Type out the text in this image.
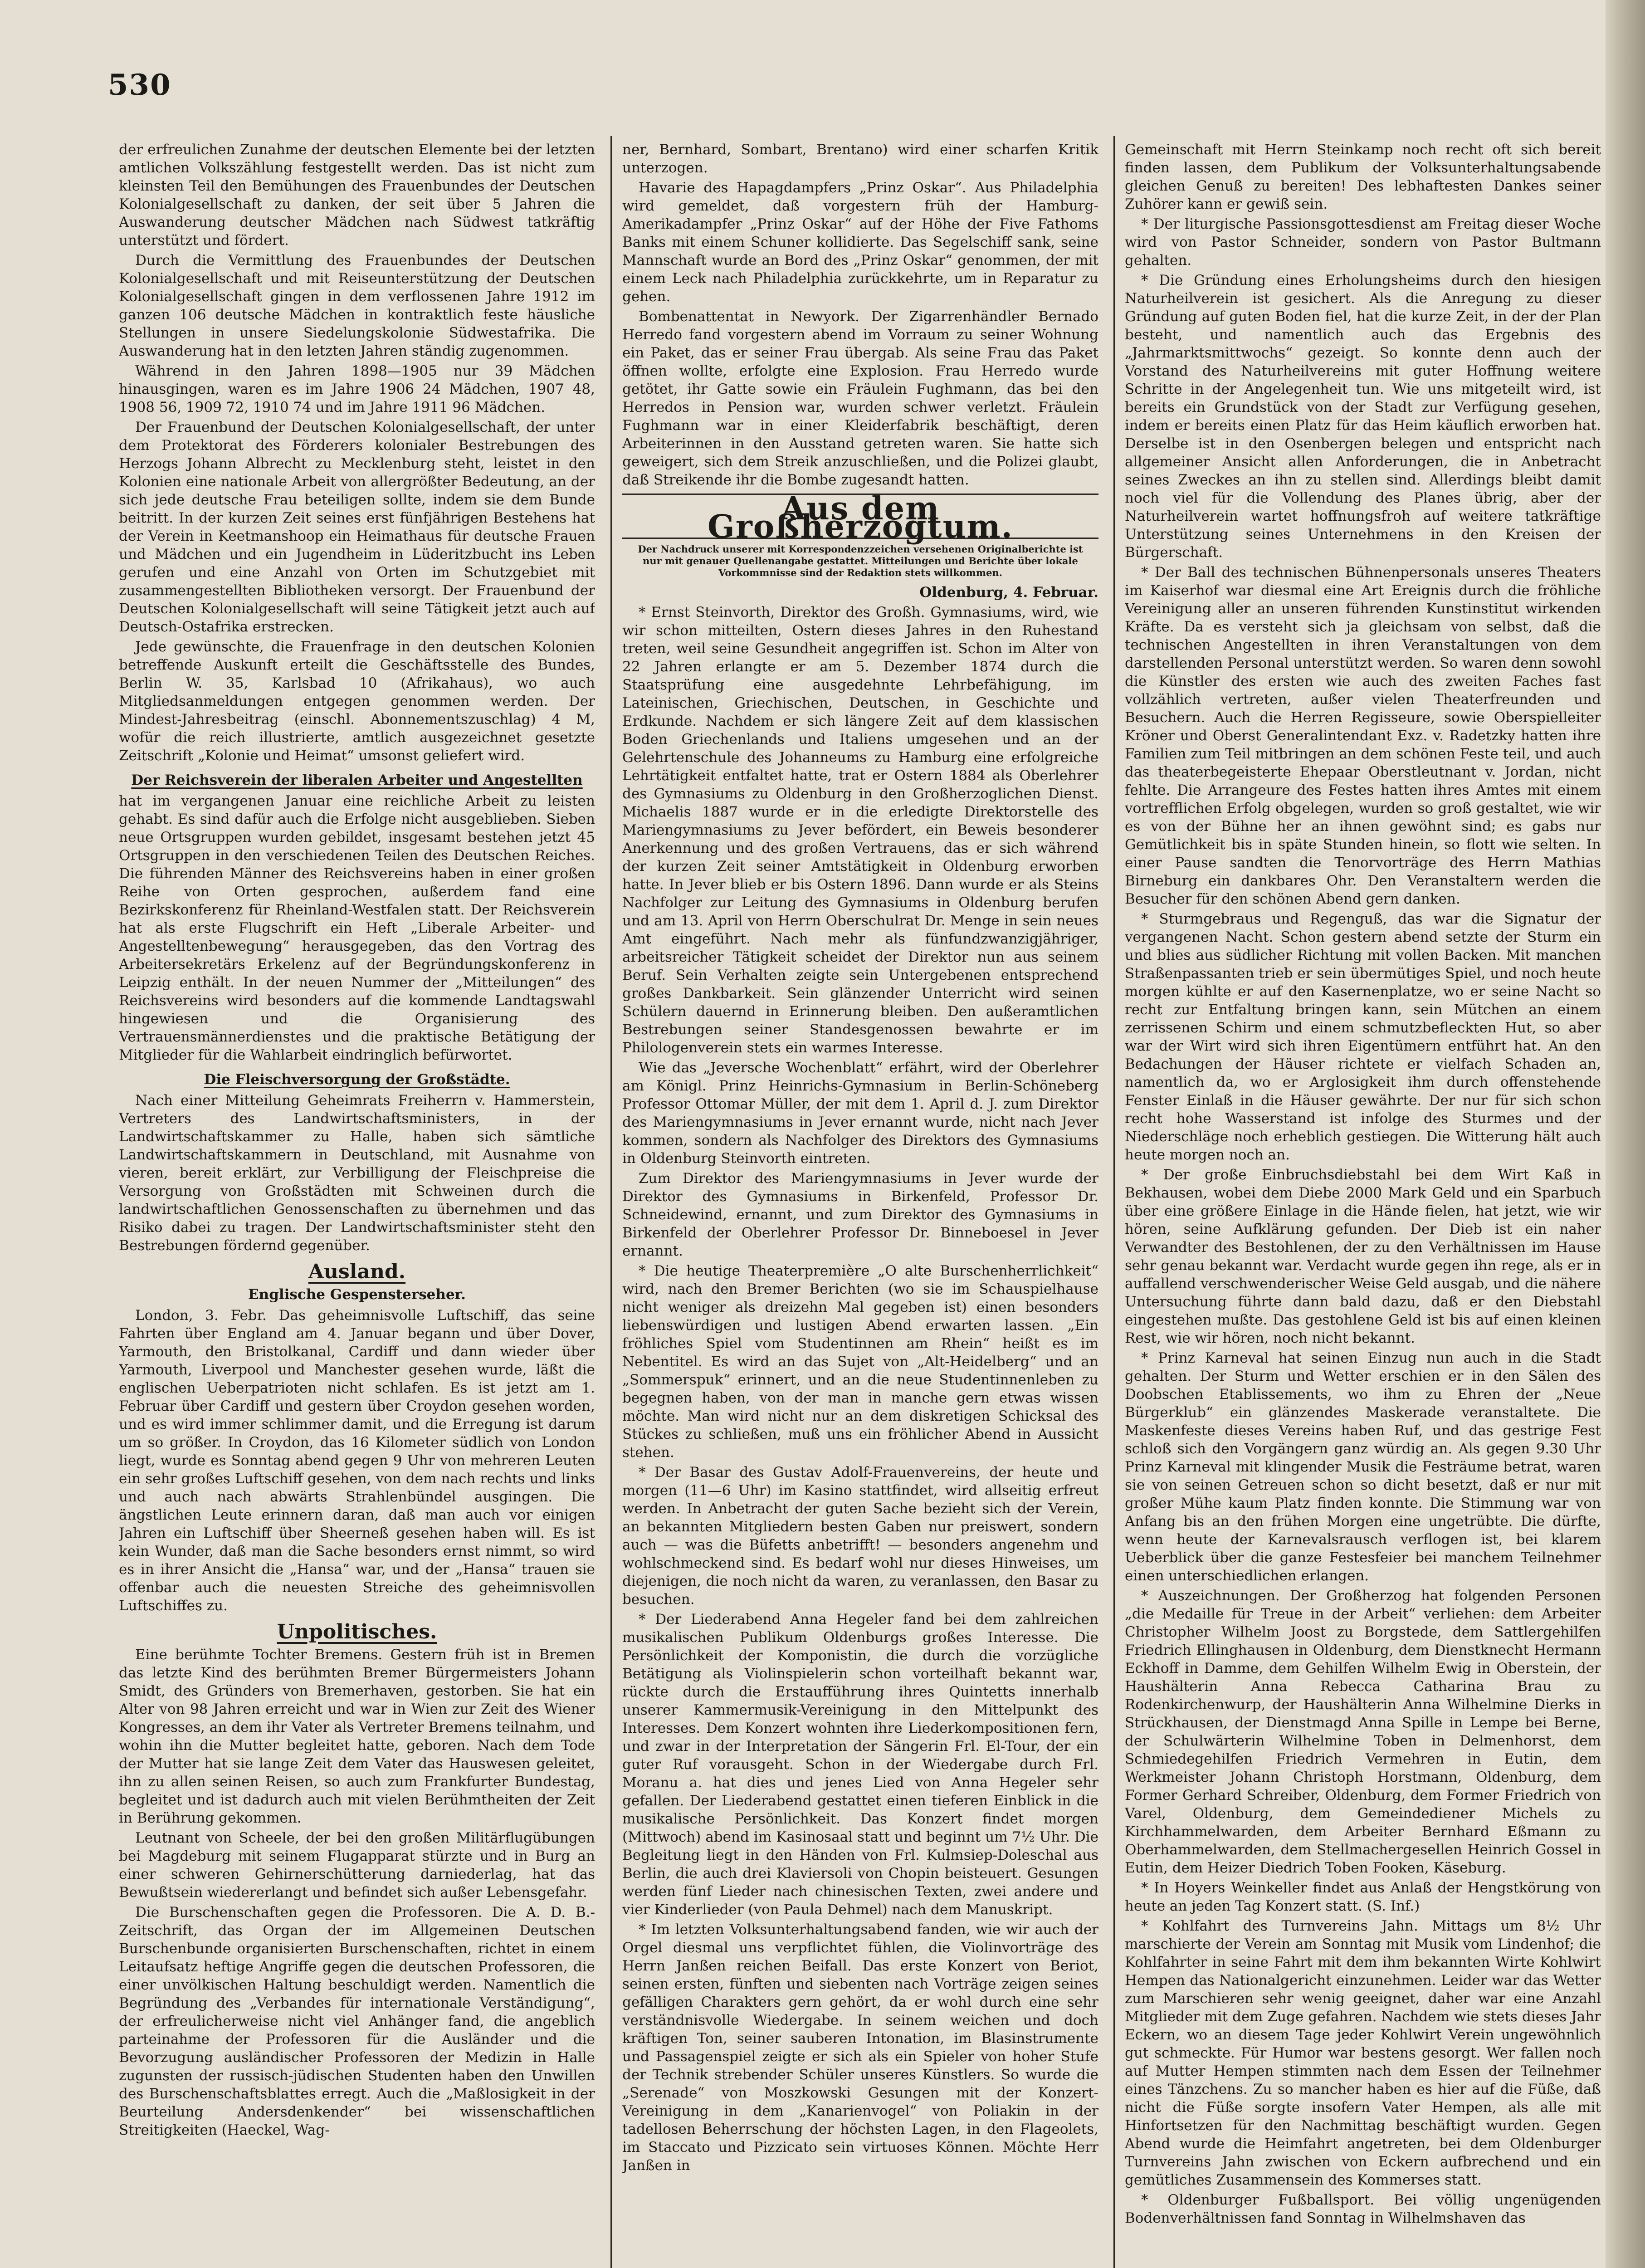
530

der erfreulichen Zunahme der deutschen Elemente bei der letzten amtlichen Volkszählung festgestellt werden. Das ist nicht zum kleinsten Teil den Bemühungen des Frauenbundes der Deutschen Kolonialgesellschaft zu danken, der seit über 5 Jahren die Auswanderung deutscher Mädchen nach Südwest tatkräftig unterstützt und fördert.

Durch die Vermittlung des Frauenbundes der Deutschen Kolonialgesellschaft und mit Reiseunterstützung der Deutschen Kolonialgesellschaft gingen in dem verflossenen Jahre 1912 im ganzen 106 deutsche Mädchen in kontraktlich feste häusliche Stellungen in unsere Siedelungskolonie Südwestafrika. Die Auswanderung hat in den letzten Jahren ständig zugenommen.

Während in den Jahren 1898—1905 nur 39 Mädchen hinausgingen, waren es im Jahre 1906 24 Mädchen, 1907 48, 1908 56, 1909 72, 1910 74 und im Jahre 1911 96 Mädchen.

Der Frauenbund der Deutschen Kolonialgesellschaft, der unter dem Protektorat des Förderers kolonialer Bestrebungen des Herzogs Johann Albrecht zu Mecklenburg steht, leistet in den Kolonien eine nationale Arbeit von allergrößter Bedeutung, an der sich jede deutsche Frau beteiligen sollte, indem sie dem Bunde beitritt. In der kurzen Zeit seines erst fünfjährigen Bestehens hat der Verein in Keetmanshoop ein Heimathaus für deutsche Frauen und Mädchen und ein Jugendheim in Lüderitzbucht ins Leben gerufen und eine Anzahl von Orten im Schutzgebiet mit zusammengestellten Bibliotheken versorgt. Der Frauenbund der Deutschen Kolonialgesellschaft will seine Tätigkeit jetzt auch auf Deutsch-Ostafrika erstrecken.

Jede gewünschte, die Frauenfrage in den deutschen Kolonien betreffende Auskunft erteilt die Geschäftsstelle des Bundes, Berlin W. 35, Karlsbad 10 (Afrikahaus), wo auch Mitgliedsanmeldungen entgegen genommen werden. Der Mindest-Jahresbeitrag (einschl. Abonnementszuschlag) 4 M, wofür die reich illustrierte, amtlich ausgezeichnet gesetzte Zeitschrift „Kolonie und Heimat“ umsonst geliefert wird.

Der Reichsverein der liberalen Arbeiter und Angestellten

hat im vergangenen Januar eine reichliche Arbeit zu leisten gehabt. Es sind dafür auch die Erfolge nicht ausgeblieben. Sieben neue Ortsgruppen wurden gebildet, insgesamt bestehen jetzt 45 Ortsgruppen in den verschiedenen Teilen des Deutschen Reiches. Die führenden Männer des Reichsvereins haben in einer großen Reihe von Orten gesprochen, außerdem fand eine Bezirkskonferenz für Rheinland-Westfalen statt. Der Reichsverein hat als erste Flugschrift ein Heft „Liberale Arbeiter- und Angestelltenbewegung“ herausgegeben, das den Vortrag des Arbeitersekretärs Erkelenz auf der Begründungskonferenz in Leipzig enthält. In der neuen Nummer der „Mitteilungen“ des Reichsvereins wird besonders auf die kommende Landtagswahl hingewiesen und die Organisierung des Vertrauensmännerdienstes und die praktische Betätigung der Mitglieder für die Wahlarbeit eindringlich befürwortet.

Die Fleischversorgung der Großstädte.

Nach einer Mitteilung Geheimrats Freiherrn v. Hammerstein, Vertreters des Landwirtschaftsministers, in der Landwirtschaftskammer zu Halle, haben sich sämtliche Landwirtschaftskammern in Deutschland, mit Ausnahme von vieren, bereit erklärt, zur Verbilligung der Fleischpreise die Versorgung von Großstädten mit Schweinen durch die landwirtschaftlichen Genossenschaften zu übernehmen und das Risiko dabei zu tragen. Der Landwirtschaftsminister steht den Bestrebungen fördernd gegenüber.

Ausland.
Englische Gespensterseher.

London, 3. Febr. Das geheimnisvolle Luftschiff, das seine Fahrten über England am 4. Januar begann und über Dover, Yarmouth, den Bristolkanal, Cardiff und dann wieder über Yarmouth, Liverpool und Manchester gesehen wurde, läßt die englischen Ueberpatrioten nicht schlafen. Es ist jetzt am 1. Februar über Cardiff und gestern über Croydon gesehen worden, und es wird immer schlimmer damit, und die Erregung ist darum um so größer. In Croydon, das 16 Kilometer südlich von London liegt, wurde es Sonntag abend gegen 9 Uhr von mehreren Leuten ein sehr großes Luftschiff gesehen, von dem nach rechts und links und auch nach abwärts Strahlenbündel ausgingen. Die ängstlichen Leute erinnern daran, daß man auch vor einigen Jahren ein Luftschiff über Sheerneß gesehen haben will. Es ist kein Wunder, daß man die Sache besonders ernst nimmt, so wird es in ihrer Ansicht die „Hansa“ war, und der „Hansa“ trauen sie offenbar auch die neuesten Streiche des geheimnisvollen Luftschiffes zu.

Unpolitisches.

Eine berühmte Tochter Bremens. Gestern früh ist in Bremen das letzte Kind des berühmten Bremer Bürgermeisters Johann Smidt, des Gründers von Bremerhaven, gestorben. Sie hat ein Alter von 98 Jahren erreicht und war in Wien zur Zeit des Wiener Kongresses, an dem ihr Vater als Vertreter Bremens teilnahm, und wohin ihn die Mutter begleitet hatte, geboren. Nach dem Tode der Mutter hat sie lange Zeit dem Vater das Hauswesen geleitet, ihn zu allen seinen Reisen, so auch zum Frankfurter Bundestag, begleitet und ist dadurch auch mit vielen Berühmtheiten der Zeit in Berührung gekommen.

Leutnant von Scheele, der bei den großen Militärflugübungen bei Magdeburg mit seinem Flugapparat stürzte und in Burg an einer schweren Gehirnerschütterung darniederlag, hat das Bewußtsein wiedererlangt und befindet sich außer Lebensgefahr.

Die Burschenschaften gegen die Professoren. Die A. D. B.-Zeitschrift, das Organ der im Allgemeinen Deutschen Burschenbunde organisierten Burschenschaften, richtet in einem Leitaufsatz heftige Angriffe gegen die deutschen Professoren, die einer unvölkischen Haltung beschuldigt werden. Namentlich die Begründung des „Verbandes für internationale Verständigung“, der erfreulicherweise nicht viel Anhänger fand, die angeblich parteinahme der Professoren für die Ausländer und die Bevorzugung ausländischer Professoren der Medizin in Halle zugunsten der russisch-jüdischen Studenten haben den Unwillen des Burschenschaftsblattes erregt. Auch die „Maßlosigkeit in der Beurteilung Andersdenkender“ bei wissenschaftlichen Streitigkeiten (Haeckel, Wag-

ner, Bernhard, Sombart, Brentano) wird einer scharfen Kritik unterzogen.

Havarie des Hapagdampfers „Prinz Oskar“. Aus Philadelphia wird gemeldet, daß vorgestern früh der Hamburg-Amerikadampfer „Prinz Oskar“ auf der Höhe der Five Fathoms Banks mit einem Schuner kollidierte. Das Segelschiff sank, seine Mannschaft wurde an Bord des „Prinz Oskar“ genommen, der mit einem Leck nach Philadelphia zurückkehrte, um in Reparatur zu gehen.

Bombenattentat in Newyork. Der Zigarrenhändler Bernado Herredo fand vorgestern abend im Vorraum zu seiner Wohnung ein Paket, das er seiner Frau übergab. Als seine Frau das Paket öffnen wollte, erfolgte eine Explosion. Frau Herredo wurde getötet, ihr Gatte sowie ein Fräulein Fughmann, das bei den Herredos in Pension war, wurden schwer verletzt. Fräulein Fughmann war in einer Kleiderfabrik beschäftigt, deren Arbeiterinnen in den Ausstand getreten waren. Sie hatte sich geweigert, sich dem Streik anzuschließen, und die Polizei glaubt, daß Streikende ihr die Bombe zugesandt hatten.

Aus dem Großherzogtum.
Der Nachdruck unserer mit Korrespondenzzeichen versehenen Originalberichte ist nur mit genauer Quellenangabe gestattet. Mitteilungen und Berichte über lokale Vorkommnisse sind der Redaktion stets willkommen.
Oldenburg, 4. Februar.

* Ernst Steinvorth, Direktor des Großh. Gymnasiums, wird, wie wir schon mitteilten, Ostern dieses Jahres in den Ruhestand treten, weil seine Gesundheit angegriffen ist. Schon im Alter von 22 Jahren erlangte er am 5. Dezember 1874 durch die Staatsprüfung eine ausgedehnte Lehrbefähigung, im Lateinischen, Griechischen, Deutschen, in Geschichte und Erdkunde. Nachdem er sich längere Zeit auf dem klassischen Boden Griechenlands und Italiens umgesehen und an der Gelehrtenschule des Johanneums zu Hamburg eine erfolgreiche Lehrtätigkeit entfaltet hatte, trat er Ostern 1884 als Oberlehrer des Gymnasiums zu Oldenburg in den Großherzoglichen Dienst. Michaelis 1887 wurde er in die erledigte Direktorstelle des Mariengymnasiums zu Jever befördert, ein Beweis besonderer Anerkennung und des großen Vertrauens, das er sich während der kurzen Zeit seiner Amtstätigkeit in Oldenburg erworben hatte. In Jever blieb er bis Ostern 1896. Dann wurde er als Steins Nachfolger zur Leitung des Gymnasiums in Oldenburg berufen und am 13. April von Herrn Oberschulrat Dr. Menge in sein neues Amt eingeführt. Nach mehr als fünfundzwanzigjähriger, arbeitsreicher Tätigkeit scheidet der Direktor nun aus seinem Beruf. Sein Verhalten zeigte sein Untergebenen entsprechend großes Dankbarkeit. Sein glänzender Unterricht wird seinen Schülern dauernd in Erinnerung bleiben. Den außeramtlichen Bestrebungen seiner Standesgenossen bewahrte er im Philologenverein stets ein warmes Interesse.

Wie das „Jeversche Wochenblatt“ erfährt, wird der Oberlehrer am Königl. Prinz Heinrichs-Gymnasium in Berlin-Schöneberg Professor Ottomar Müller, der mit dem 1. April d. J. zum Direktor des Mariengymnasiums in Jever ernannt wurde, nicht nach Jever kommen, sondern als Nachfolger des Direktors des Gymnasiums in Oldenburg Steinvorth eintreten.

Zum Direktor des Mariengymnasiums in Jever wurde der Direktor des Gymnasiums in Birkenfeld, Professor Dr. Schneidewind, ernannt, und zum Direktor des Gymnasiums in Birkenfeld der Oberlehrer Professor Dr. Binneboesel in Jever ernannt.

* Die heutige Theaterpremière „O alte Burschenherrlichkeit“ wird, nach den Bremer Berichten (wo sie im Schauspielhause nicht weniger als dreizehn Mal gegeben ist) einen besonders liebenswürdigen und lustigen Abend erwarten lassen. „Ein fröhliches Spiel vom Studentinnen am Rhein“ heißt es im Nebentitel. Es wird an das Sujet von „Alt-Heidelberg“ und an „Sommerspuk“ erinnert, und an die neue Studentinnenleben zu begegnen haben, von der man in manche gern etwas wissen möchte. Man wird nicht nur an dem diskretigen Schicksal des Stückes zu schließen, muß uns ein fröhlicher Abend in Aussicht stehen.

* Der Basar des Gustav Adolf-Frauenvereins, der heute und morgen (11—6 Uhr) im Kasino stattfindet, wird allseitig erfreut werden. In Anbetracht der guten Sache bezieht sich der Verein, an bekannten Mitgliedern besten Gaben nur preiswert, sondern auch — was die Büfetts anbetrifft! — besonders angenehm und wohlschmeckend sind. Es bedarf wohl nur dieses Hinweises, um diejenigen, die noch nicht da waren, zu veranlassen, den Basar zu besuchen.

* Der Liederabend Anna Hegeler fand bei dem zahlreichen musikalischen Publikum Oldenburgs großes Interesse. Die Persönlichkeit der Komponistin, die durch die vorzügliche Betätigung als Violinspielerin schon vorteilhaft bekannt war, rückte durch die Erstaufführung ihres Quintetts innerhalb unserer Kammermusik-Vereinigung in den Mittelpunkt des Interesses. Dem Konzert wohnten ihre Liederkompositionen fern, und zwar in der Interpretation der Sängerin Frl. El-Tour, der ein guter Ruf vorausgeht. Schon in der Wiedergabe durch Frl. Moranu a. hat dies und jenes Lied von Anna Hegeler sehr gefallen. Der Liederabend gestattet einen tieferen Einblick in die musikalische Persönlichkeit. Das Konzert findet morgen (Mittwoch) abend im Kasinosaal statt und beginnt um 7½ Uhr. Die Begleitung liegt in den Händen von Frl. Kulmsiep-Doleschal aus Berlin, die auch drei Klaviersoli von Chopin beisteuert. Gesungen werden fünf Lieder nach chinesischen Texten, zwei andere und vier Kinderlieder (von Paula Dehmel) nach dem Manuskript.

* Im letzten Volksunterhaltungsabend fanden, wie wir auch der Orgel diesmal uns verpflichtet fühlen, die Violinvorträge des Herrn Janßen reichen Beifall. Das erste Konzert von Beriot, seinen ersten, fünften und siebenten nach Vorträge zeigen seines gefälligen Charakters gern gehört, da er wohl durch eine sehr verständnisvolle Wiedergabe. In seinem weichen und doch kräftigen Ton, seiner sauberen Intonation, im Blasinstrumente und Passagenspiel zeigte er sich als ein Spieler von hoher Stufe der Technik strebender Schüler unseres Künstlers. So wurde die „Serenade“ von Moszkowski Gesungen mit der Konzert-Vereinigung in dem „Kanarienvogel“ von Poliakin in der tadellosen Beherrschung der höchsten Lagen, in den Flageolets, im Staccato und Pizzicato sein virtuoses Können. Möchte Herr Janßen in

Gemeinschaft mit Herrn Steinkamp noch recht oft sich bereit finden lassen, dem Publikum der Volksunterhaltungsabende gleichen Genuß zu bereiten! Des lebhaftesten Dankes seiner Zuhörer kann er gewiß sein.

* Der liturgische Passionsgottesdienst am Freitag dieser Woche wird von Pastor Schneider, sondern von Pastor Bultmann gehalten.

* Die Gründung eines Erholungsheims durch den hiesigen Naturheilverein ist gesichert. Als die Anregung zu dieser Gründung auf guten Boden fiel, hat die kurze Zeit, in der der Plan besteht, und namentlich auch das Ergebnis des „Jahrmarktsmittwochs“ gezeigt. So konnte denn auch der Vorstand des Naturheilvereins mit guter Hoffnung weitere Schritte in der Angelegenheit tun. Wie uns mitgeteilt wird, ist bereits ein Grundstück von der Stadt zur Verfügung gesehen, indem er bereits einen Platz für das Heim käuflich erworben hat. Derselbe ist in den Osenbergen belegen und entspricht nach allgemeiner Ansicht allen Anforderungen, die in Anbetracht seines Zweckes an ihn zu stellen sind. Allerdings bleibt damit noch viel für die Vollendung des Planes übrig, aber der Naturheilverein wartet hoffnungsfroh auf weitere tatkräftige Unterstützung seines Unternehmens in den Kreisen der Bürgerschaft.

* Der Ball des technischen Bühnenpersonals unseres Theaters im Kaiserhof war diesmal eine Art Ereignis durch die fröhliche Vereinigung aller an unseren führenden Kunstinstitut wirkenden Kräfte. Da es versteht sich ja gleichsam von selbst, daß die technischen Angestellten in ihren Veranstaltungen von dem darstellenden Personal unterstützt werden. So waren denn sowohl die Künstler des ersten wie auch des zweiten Faches fast vollzählich vertreten, außer vielen Theaterfreunden und Besuchern. Auch die Herren Regisseure, sowie Oberspielleiter Kröner und Oberst Generalintendant Exz. v. Radetzky hatten ihre Familien zum Teil mitbringen an dem schönen Feste teil, und auch das theaterbegeisterte Ehepaar Oberstleutnant v. Jordan, nicht fehlte. Die Arrangeure des Festes hatten ihres Amtes mit einem vortrefflichen Erfolg obgelegen, wurden so groß gestaltet, wie wir es von der Bühne her an ihnen gewöhnt sind; es gabs nur Gemütlichkeit bis in späte Stunden hinein, so flott wie selten. In einer Pause sandten die Tenorvorträge des Herrn Mathias Birneburg ein dankbares Ohr. Den Veranstaltern werden die Besucher für den schönen Abend gern danken.

* Sturmgebraus und Regenguß, das war die Signatur der vergangenen Nacht. Schon gestern abend setzte der Sturm ein und blies aus südlicher Richtung mit vollen Backen. Mit manchen Straßenpassanten trieb er sein übermütiges Spiel, und noch heute morgen kühlte er auf den Kasernenplatze, wo er seine Nacht so recht zur Entfaltung bringen kann, sein Mütchen an einem zerrissenen Schirm und einem schmutzbefleckten Hut, so aber war der Wirt wird sich ihren Eigentümern entführt hat. An den Bedachungen der Häuser richtete er vielfach Schaden an, namentlich da, wo er Arglosigkeit ihm durch offenstehende Fenster Einlaß in die Häuser gewährte. Der nur für sich schon recht hohe Wasserstand ist infolge des Sturmes und der Niederschläge noch erheblich gestiegen. Die Witterung hält auch heute morgen noch an.

* Der große Einbruchsdiebstahl bei dem Wirt Kaß in Bekhausen, wobei dem Diebe 2000 Mark Geld und ein Sparbuch über eine größere Einlage in die Hände fielen, hat jetzt, wie wir hören, seine Aufklärung gefunden. Der Dieb ist ein naher Verwandter des Bestohlenen, der zu den Verhältnissen im Hause sehr genau bekannt war. Verdacht wurde gegen ihn rege, als er in auffallend verschwenderischer Weise Geld ausgab, und die nähere Untersuchung führte dann bald dazu, daß er den Diebstahl eingestehen mußte. Das gestohlene Geld ist bis auf einen kleinen Rest, wie wir hören, noch nicht bekannt.

* Prinz Karneval hat seinen Einzug nun auch in die Stadt gehalten. Der Sturm und Wetter erschien er in den Sälen des Doobschen Etablissements, wo ihm zu Ehren der „Neue Bürgerklub“ ein glänzendes Maskerade veranstaltete. Die Maskenfeste dieses Vereins haben Ruf, und das gestrige Fest schloß sich den Vorgängern ganz würdig an. Als gegen 9.30 Uhr Prinz Karneval mit klingender Musik die Festräume betrat, waren sie von seinen Getreuen schon so dicht besetzt, daß er nur mit großer Mühe kaum Platz finden konnte. Die Stimmung war von Anfang bis an den frühen Morgen eine ungetrübte. Die dürfte, wenn heute der Karnevalsrausch verflogen ist, bei klarem Ueberblick über die ganze Festesfeier bei manchem Teilnehmer einen unterschiedlichen erlangen.

* Auszeichnungen. Der Großherzog hat folgenden Personen „die Medaille für Treue in der Arbeit“ verliehen: dem Arbeiter Christopher Wilhelm Joost zu Borgstede, dem Sattlergehilfen Friedrich Ellinghausen in Oldenburg, dem Dienstknecht Hermann Eckhoff in Damme, dem Gehilfen Wilhelm Ewig in Oberstein, der Haushälterin Anna Rebecca Catharina Brau zu Rodenkirchenwurp, der Haushälterin Anna Wilhelmine Dierks in Strückhausen, der Dienstmagd Anna Spille in Lempe bei Berne, der Schulwärterin Wilhelmine Toben in Delmenhorst, dem Schmiedegehilfen Friedrich Vermehren in Eutin, dem Werkmeister Johann Christoph Horstmann, Oldenburg, dem Former Gerhard Schreiber, Oldenburg, dem Former Friedrich von Varel, Oldenburg, dem Gemeindediener Michels zu Kirchhammelwarden, dem Arbeiter Bernhard Eßmann zu Oberhammelwarden, dem Stellmachergesellen Heinrich Gossel in Eutin, dem Heizer Diedrich Toben Fooken, Käseburg.

* In Hoyers Weinkeller findet aus Anlaß der Hengstkörung von heute an jeden Tag Konzert statt. (S. Inf.)

* Kohlfahrt des Turnvereins Jahn. Mittags um 8½ Uhr marschierte der Verein am Sonntag mit Musik vom Lindenhof; die Kohlfahrter in seine Fahrt mit dem ihm bekannten Wirte Kohlwirt Hempen das Nationalgericht einzunehmen. Leider war das Wetter zum Marschieren sehr wenig geeignet, daher war eine Anzahl Mitglieder mit dem Zuge gefahren. Nachdem wie stets dieses Jahr Eckern, wo an diesem Tage jeder Kohlwirt Verein ungewöhnlich gut schmeckte. Für Humor war bestens gesorgt. Wer fallen noch auf Mutter Hempen stimmten nach dem Essen der Teilnehmer eines Tänzchens. Zu so mancher haben es hier auf die Füße, daß nicht die Füße sorgte insofern Vater Hempen, als alle mit Hinfortsetzen für den Nachmittag beschäftigt wurden. Gegen Abend wurde die Heimfahrt angetreten, bei dem Oldenburger Turnvereins Jahn zwischen von Eckern aufbrechend und ein gemütliches Zusammensein des Kommerses statt.

* Oldenburger Fußballsport. Bei völlig ungenügenden Bodenverhältnissen fand Sonntag in Wilhelmshaven das
